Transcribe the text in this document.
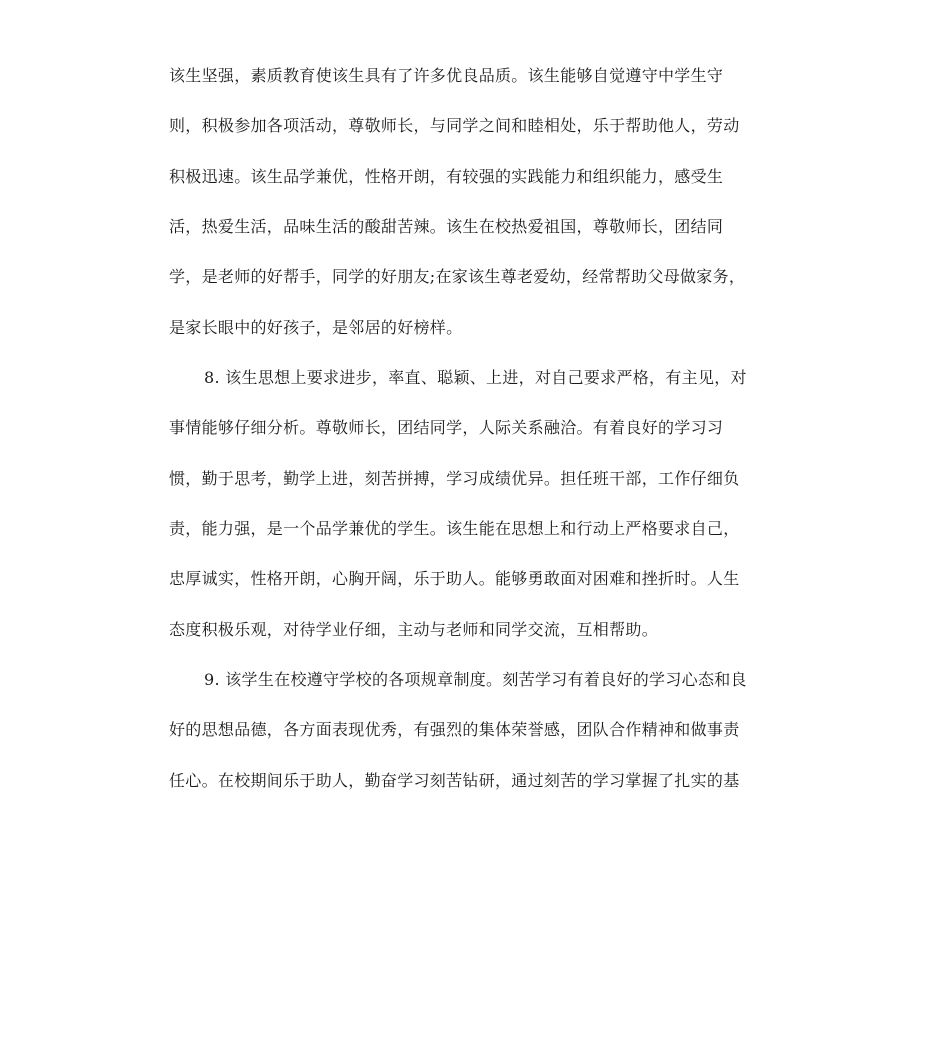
该生坚强，素质教育使该生具有了许多优良品质。该生能够自觉遵守中学生守
则，积极参加各项活动，尊敬师长，与同学之间和睦相处，乐于帮助他人，劳动
积极迅速。该生品学兼优，性格开朗，有较强的实践能力和组织能力，感受生
活，热爱生活，品味生活的酸甜苦辣。该生在校热爱祖国，尊敬师长，团结同
学，是老师的好帮手，同学的好朋友;在家该生尊老爱幼，经常帮助父母做家务，
是家长眼中的好孩子，是邻居的好榜样。
8. 该生思想上要求进步，率直、聪颖、上进，对自己要求严格，有主见，对
事情能够仔细分析。尊敬师长，团结同学，人际关系融洽。有着良好的学习习
惯，勤于思考，勤学上进，刻苦拼搏，学习成绩优异。担任班干部，工作仔细负
责，能力强，是一个品学兼优的学生。该生能在思想上和行动上严格要求自己，
忠厚诚实，性格开朗，心胸开阔，乐于助人。能够勇敢面对困难和挫折时。人生
态度积极乐观，对待学业仔细，主动与老师和同学交流，互相帮助。
9. 该学生在校遵守学校的各项规章制度。刻苦学习有着良好的学习心态和良
好的思想品德，各方面表现优秀，有强烈的集体荣誉感，团队合作精神和做事责
任心。在校期间乐于助人，勤奋学习刻苦钻研，通过刻苦的学习掌握了扎实的基
